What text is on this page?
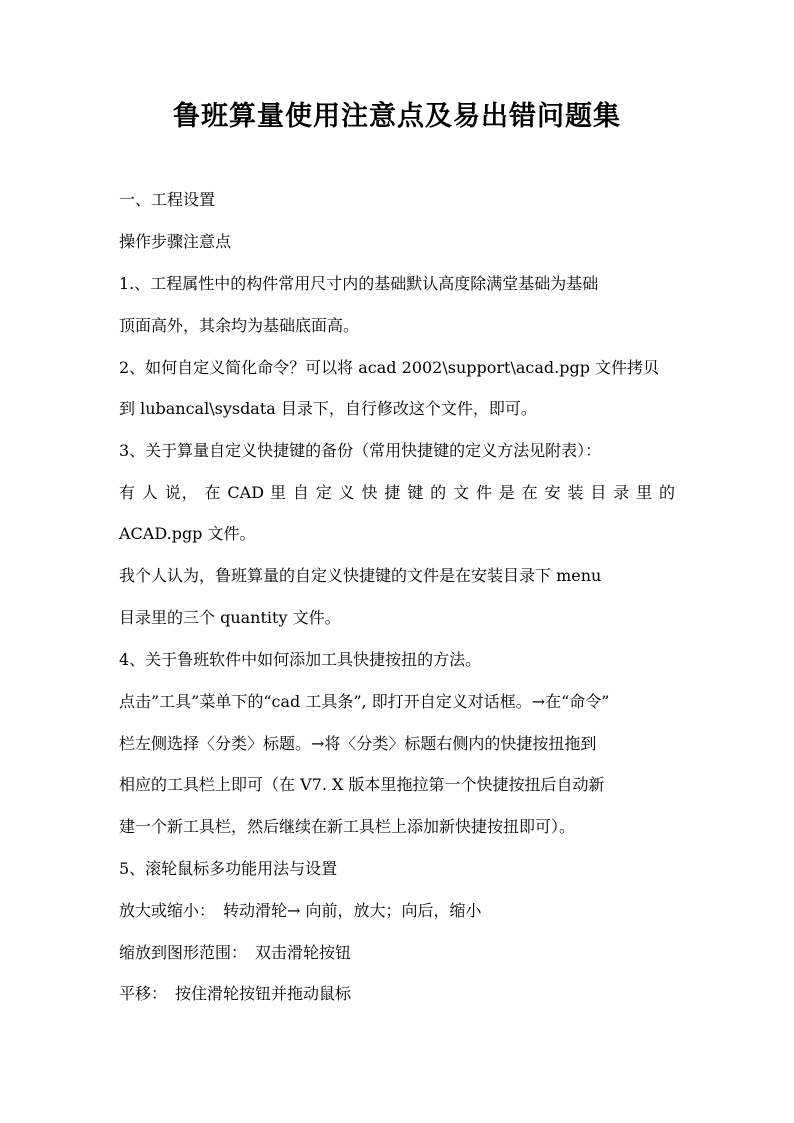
鲁班算量使用注意点及易出错问题集
一、工程设置
操作步骤注意点
1.、工程属性中的构件常用尺寸内的基础默认高度除满堂基础为基础
顶面高外，其余均为基础底面高。
2、如何自定义简化命令？可以将 acad 2002\support\acad.pgp 文件拷贝
到 lubancal\sysdata 目录下，自行修改这个文件，即可。
3、关于算量自定义快捷键的备份（常用快捷键的定义方法见附表）：
有 人 说， 在 CAD 里 自 定 义 快 捷 键 的 文 件 是 在 安 装 目 录 里 的
ACAD.pgp 文件。
我个人认为，鲁班算量的自定义快捷键的文件是在安装目录下 menu
目录里的三个 quantity 文件。
4、关于鲁班软件中如何添加工具快捷按扭的方法。
点击”工具”菜单下的“cad 工具条”, 即打开自定义对话框。→在“命令”
栏左侧选择〈分类〉标题。→将〈分类〉标题右侧内的快捷按扭拖到
相应的工具栏上即可（在 V7. X 版本里拖拉第一个快捷按扭后自动新
建一个新工具栏，然后继续在新工具栏上添加新快捷按扭即可）。
5、滚轮鼠标多功能用法与设置
放大或缩小：　转动滑轮→ 向前，放大；向后，缩小
缩放到图形范围：　双击滑轮按钮
平移：　按住滑轮按钮并拖动鼠标
